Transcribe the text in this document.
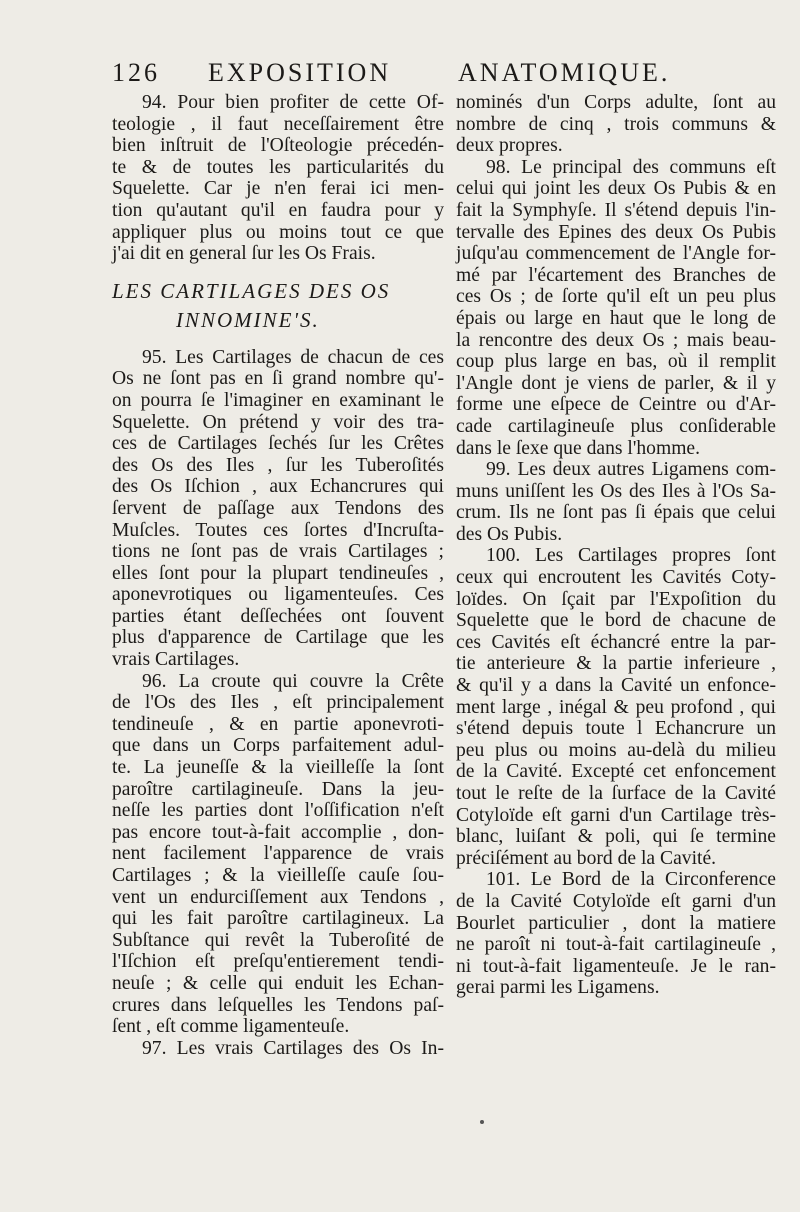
126 EXPOSITION	ANATOMIQUE.
94. Pour bien profiter de cette Of-
teologie , il faut neceſſairement être
bien inſtruit de l'Oſteologie précedén-
te & de toutes les particularités du
Squelette. Car je n'en ferai ici men-
tion qu'autant qu'il en faudra pour y
appliquer plus ou moins tout ce que
j'ai dit en general ſur les Os Frais.
LES CARTILAGES DES OS
INNOMINE'S.
95. Les Cartilages de chacun de ces
Os ne ſont pas en ſi grand nombre qu'-
on pourra ſe l'imaginer en examinant le
Squelette. On prétend y voir des tra-
ces de Cartilages ſechés ſur les Crêtes
des Os des Iles , ſur les Tuberoſités
des Os Iſchion , aux Echancrures qui
ſervent de paſſage aux Tendons des
Muſcles. Toutes ces ſortes d'Incruſta-
tions ne ſont pas de vrais Cartilages ;
elles ſont pour la plupart tendineuſes ,
aponevrotiques ou ligamenteuſes. Ces
parties étant deſſechées ont ſouvent
plus d'apparence de Cartilage que les
vrais Cartilages.
96. La croute qui couvre la Crête
de l'Os des Iles , eſt principalement
tendineuſe , & en partie aponevroti-
que dans un Corps parfaitement adul-
te. La jeuneſſe & la vieilleſſe la ſont
paroître cartilagineuſe. Dans la jeu-
neſſe les parties dont l'oſſification n'eſt
pas encore tout-à-fait accomplie , don-
nent facilement l'apparence de vrais
Cartilages ; & la vieilleſſe cauſe ſou-
vent un endurciſſement aux Tendons ,
qui les fait paroître cartilagineux. La
Subſtance qui revêt la Tuberoſité de
l'Iſchion eſt preſqu'entierement tendi-
neuſe ; & celle qui enduit les Echan-
crures dans leſquelles les Tendons paſ-
ſent , eſt comme ligamenteuſe.
97. Les vrais Cartilages des Os In-
nominés d'un Corps adulte, ſont au
nombre de cinq , trois communs &
deux propres.
98. Le principal des communs eſt
celui qui joint les deux Os Pubis & en
fait la Symphyſe. Il s'étend depuis l'in-
tervalle des Epines des deux Os Pubis
juſqu'au commencement de l'Angle for-
mé par l'écartement des Branches de
ces Os ; de ſorte qu'il eſt un peu plus
épais ou large en haut que le long de
la rencontre des deux Os ; mais beau-
coup plus large en bas, où il remplit
l'Angle dont je viens de parler, & il y
forme une eſpece de Ceintre ou d'Ar-
cade cartilagineuſe plus conſiderable
dans le ſexe que dans l'homme.
99. Les deux autres Ligamens com-
muns uniſſent les Os des Iles à l'Os Sa-
crum. Ils ne ſont pas ſi épais que celui
des Os Pubis.
100. Les Cartilages propres ſont
ceux qui encroutent les Cavités Coty-
loïdes. On ſçait par l'Expoſition du
Squelette que le bord de chacune de
ces Cavités eſt échancré entre la par-
tie anterieure & la partie inferieure ,
& qu'il y a dans la Cavité un enfonce-
ment large , inégal & peu profond , qui
s'étend depuis toute l Echancrure un
peu plus ou moins au-delà du milieu
de la Cavité. Excepté cet enfoncement
tout le reſte de la ſurface de la Cavité
Cotyloïde eſt garni d'un Cartilage très-
blanc, luiſant & poli, qui ſe termine
préciſément au bord de la Cavité.
101. Le Bord de la Circonference
de la Cavité Cotyloïde eſt garni d'un
Bourlet particulier , dont la matiere
ne paroît ni tout-à-fait cartilagineuſe ,
ni tout-à-fait ligamenteuſe. Je le ran-
gerai parmi les Ligamens.
